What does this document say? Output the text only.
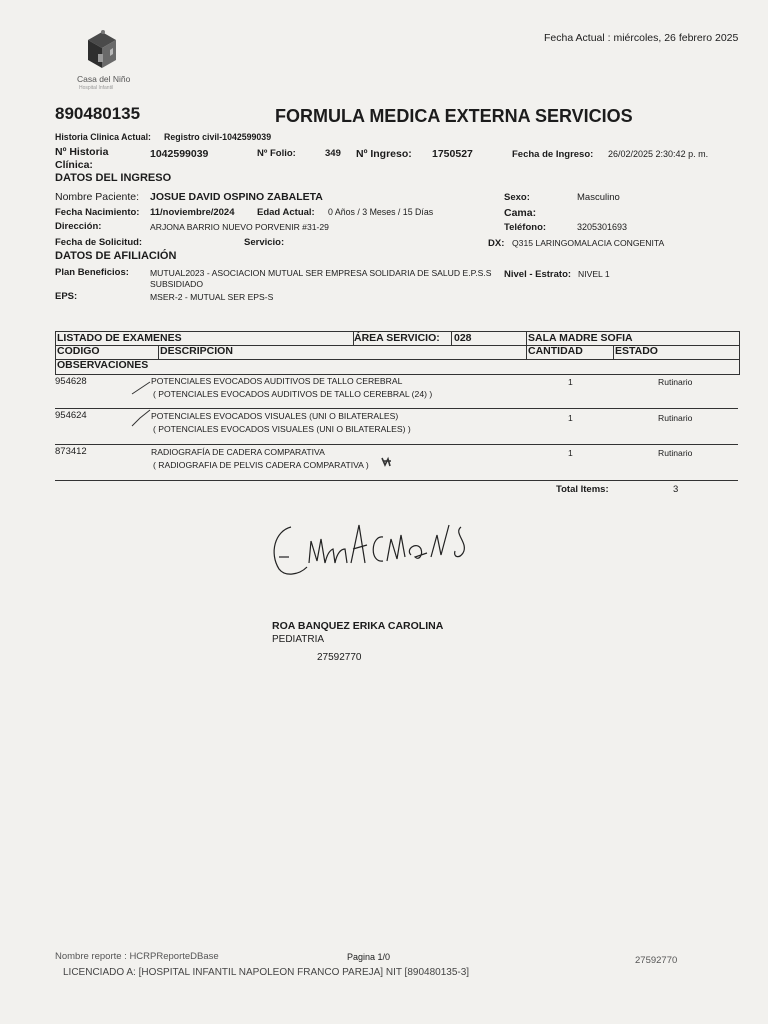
Fecha Actual : miércoles, 26 febrero 2025
Casa del Niño
Hospital Infantil
890480135	FORMULA MEDICA EXTERNA SERVICIOS
Historia Clinica Actual: Registro civil-1042599039
Nº Historia Clínica:
1042599039	Nº Folio:	349 Nº Ingreso: 1750527	Fecha de Ingreso: 26/02/2025 2:30:42 p. m.
DATOS DEL INGRESO
Nombre Paciente: JOSUE DAVID OSPINO ZABALETA	Sexo:	Masculino
Fecha Nacimiento: 11/noviembre/2024 Edad Actual: 0 Años / 3 Meses / 15 Días	Cama:
Dirección:	ARJONA BARRIO NUEVO PORVENIR #31-29	Teléfono:	3205301693
Fecha de Solicitud:	Servicio:	DX: Q315 LARINGOMALACIA CONGENITA
DATOS DE AFILIACIÓN
Plan Beneficios: MUTUAL2023 - ASOCIACION MUTUAL SER EMPRESA SOLIDARIA DE SALUD E.P.S.S
SUBSIDIADO
Nivel - Estrato: NIVEL 1
EPS:	MSER-2 - MUTUAL SER EPS-S
LISTADO DE EXAMENES	ÁREA SERVICIO: 028	SALA MADRE SOFIA
CODIGO	DESCRIPCION	CANTIDAD	ESTADO
OBSERVACIONES
954628	POTENCIALES EVOCADOS AUDITIVOS DE TALLO CEREBRAL
( POTENCIALES EVOCADOS AUDITIVOS DE TALLO CEREBRAL (24) )
1	Rutinario
954624	POTENCIALES EVOCADOS VISUALES (UNI O BILATERALES)
( POTENCIALES EVOCADOS VISUALES (UNI O BILATERALES) )
1	Rutinario
873412	RADIOGRAFÍA DE CADERA COMPARATIVA
( RADIOGRAFIA DE PELVIS CADERA COMPARATIVA )
1	Rutinario
Total Items:	3
ROA BANQUEZ ERIKA CAROLINA
PEDIATRIA
27592770
Nombre reporte : HCRPReporteDBase	Pagina 1/0	27592770
LICENCIADO A: [HOSPITAL INFANTIL NAPOLEON FRANCO PAREJA] NIT [890480135-3]
